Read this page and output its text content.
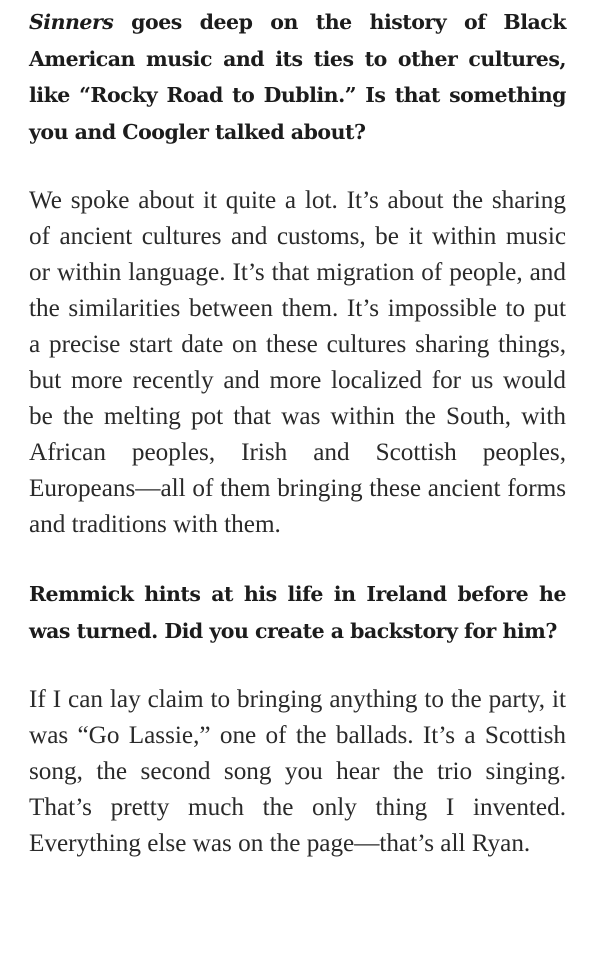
Sinners goes deep on the history of Black American music and its ties to other cultures, like “Rocky Road to Dublin.” Is that something you and Coogler talked about?

We spoke about it quite a lot. It’s about the sharing of ancient cultures and customs, be it within music or within language. It’s that migration of people, and the similarities between them. It’s impossible to put a precise start date on these cultures sharing things, but more recently and more localized for us would be the melting pot that was within the South, with African peoples, Irish and Scottish peoples, Europeans—all of them bringing these ancient forms and traditions with them.

Remmick hints at his life in Ireland before he was turned. Did you create a backstory for him?

If I can lay claim to bringing anything to the party, it was “Go Lassie,” one of the ballads. It’s a Scottish song, the second song you hear the trio singing. That’s pretty much the only thing I invented. Everything else was on the page—that’s all Ryan.
